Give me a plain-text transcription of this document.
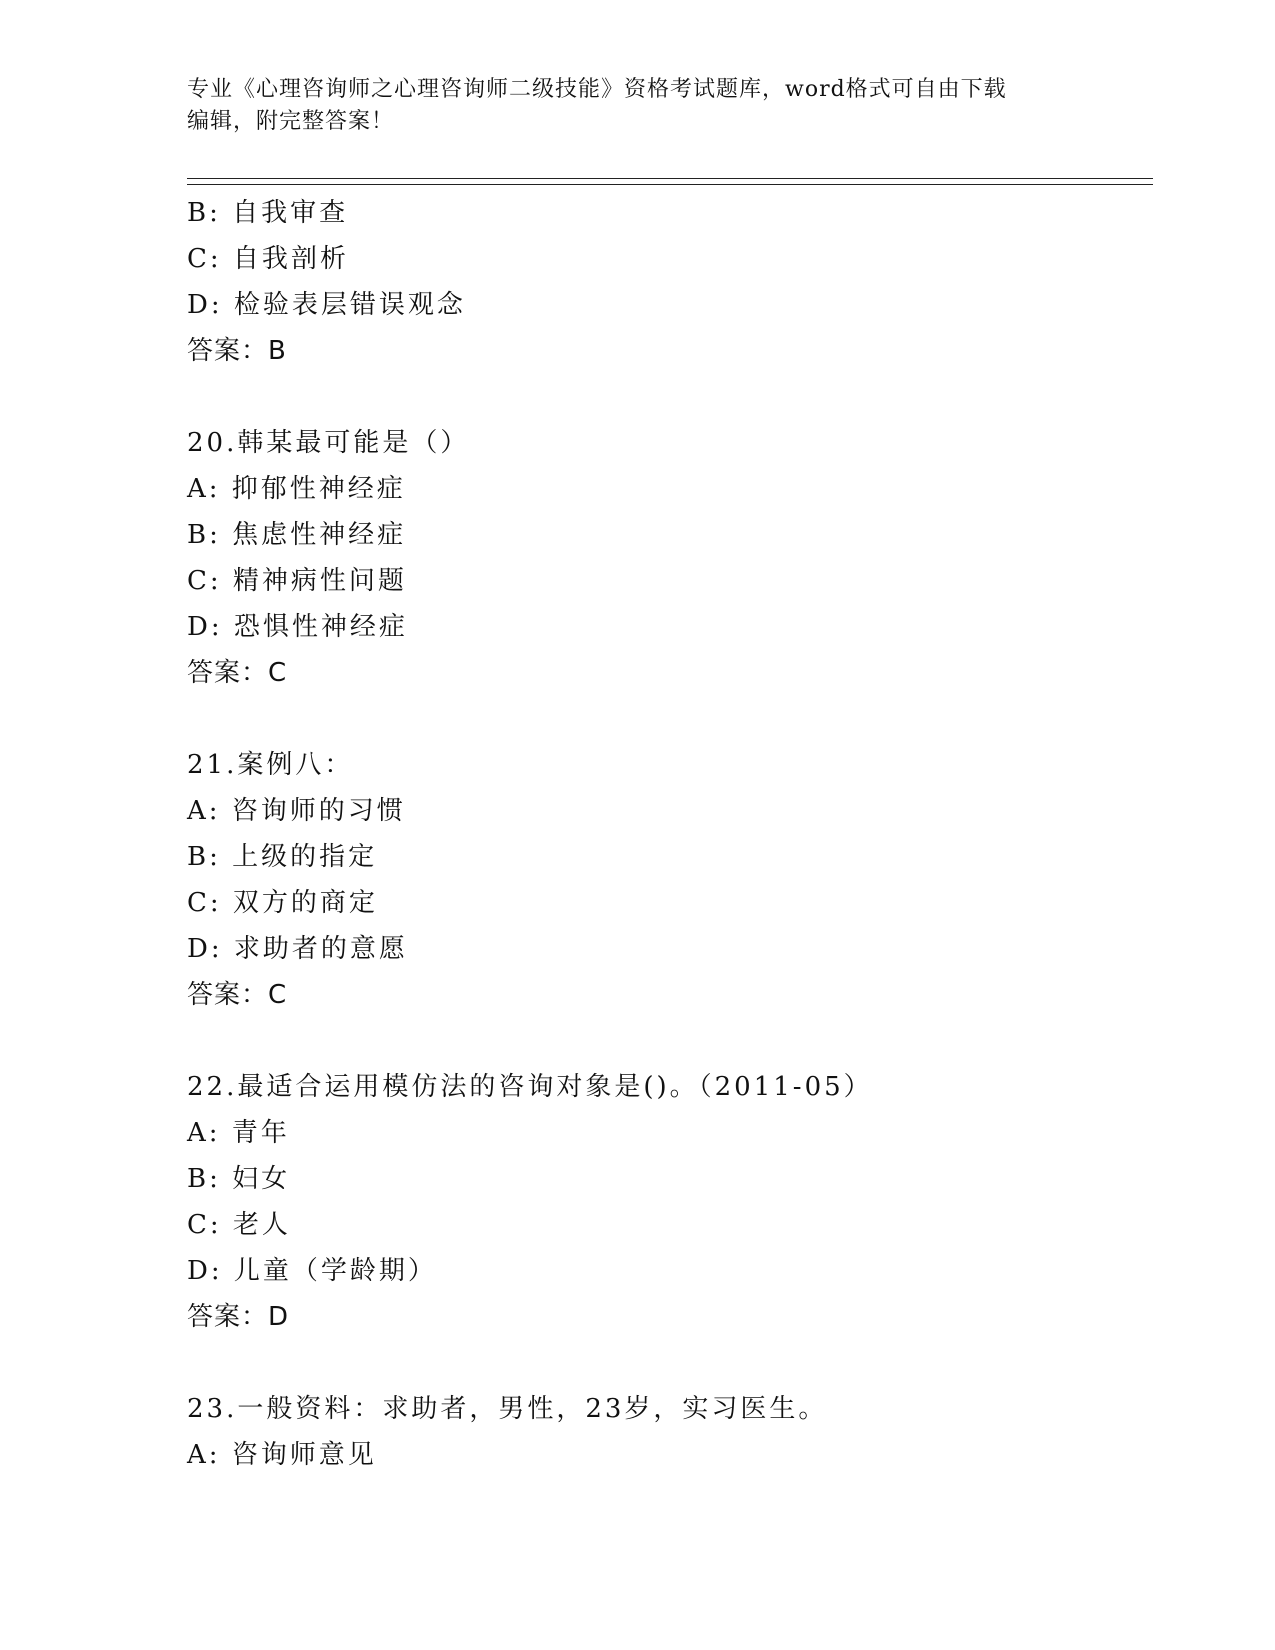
专业《心理咨询师之心理咨询师二级技能》资格考试题库，word格式可自由下载
编辑，附完整答案！
B: 自我审查
C: 自我剖析
D: 检验表层错误观念
答案：B
20.韩某最可能是（）
A: 抑郁性神经症
B: 焦虑性神经症
C: 精神病性问题
D: 恐惧性神经症
答案：C
21.案例八：
A: 咨询师的习惯
B: 上级的指定
C: 双方的商定
D: 求助者的意愿
答案：C
22.最适合运用模仿法的咨询对象是()。（2011-05）
A: 青年
B: 妇女
C: 老人
D: 儿童（学龄期）
答案：D
23.一般资料：求助者，男性，23岁，实习医生。
A: 咨询师意见
